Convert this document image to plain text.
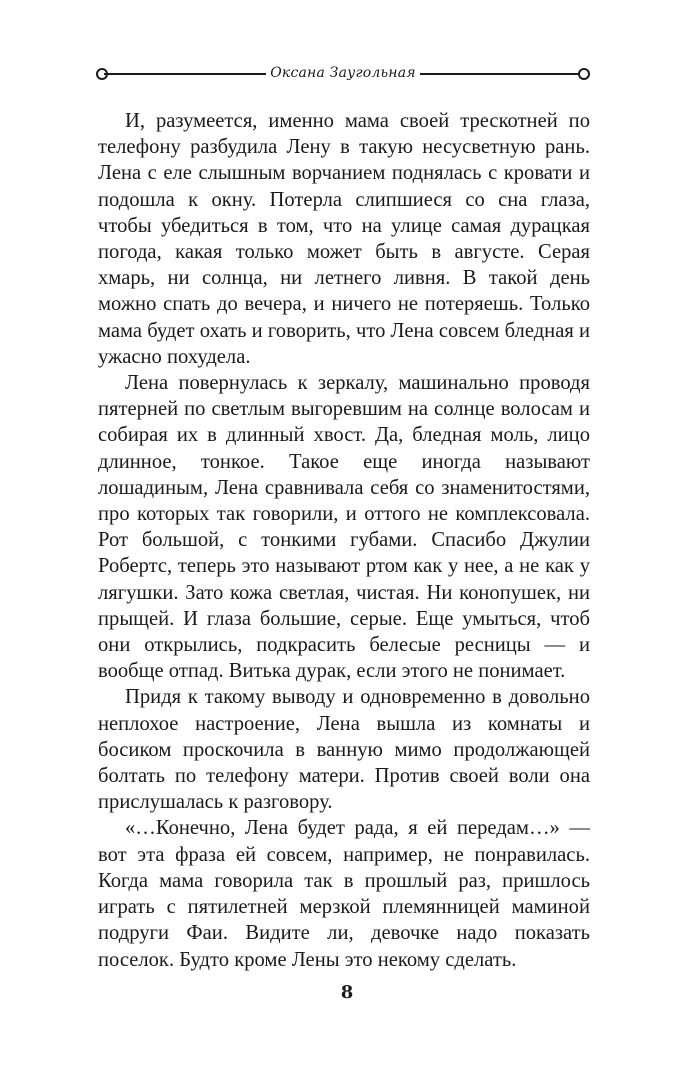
Оксана Заугольная

И, разумеется, именно мама своей трескотней по телефону разбудила Лену в такую несусветную рань. Лена с еле слышным ворчанием поднялась с кровати и подошла к окну. Потерла слипшиеся со сна глаза, чтобы убедиться в том, что на улице самая дурацкая погода, какая только может быть в августе. Серая хмарь, ни солнца, ни летнего ливня. В такой день можно спать до вечера, и ничего не потеряешь. Только мама будет охать и говорить, что Лена совсем бледная и ужасно похудела.

Лена повернулась к зеркалу, машинально проводя пятерней по светлым выгоревшим на солнце волосам и собирая их в длинный хвост. Да, бледная моль, лицо длинное, тонкое. Такое еще иногда называют лошадиным, Лена сравнивала себя со знаменитостями, про которых так говорили, и оттого не комплексовала. Рот большой, с тонкими губами. Спасибо Джулии Робертс, теперь это называют ртом как у нее, а не как у лягушки. Зато кожа светлая, чистая. Ни конопушек, ни прыщей. И глаза большие, серые. Еще умыться, чтоб они открылись, подкрасить белесые ресницы — и вообще отпад. Витька дурак, если этого не понимает.

Придя к такому выводу и одновременно в довольно неплохое настроение, Лена вышла из комнаты и босиком проскочила в ванную мимо продолжающей болтать по телефону матери. Против своей воли она прислушалась к разговору.

«…Конечно, Лена будет рада, я ей передам…» — вот эта фраза ей совсем, например, не понравилась. Когда мама говорила так в прошлый раз, пришлось играть с пятилетней мерзкой племянницей маминой подруги Фаи. Видите ли, девочке надо показать поселок. Будто кроме Лены это некому сделать.

8
